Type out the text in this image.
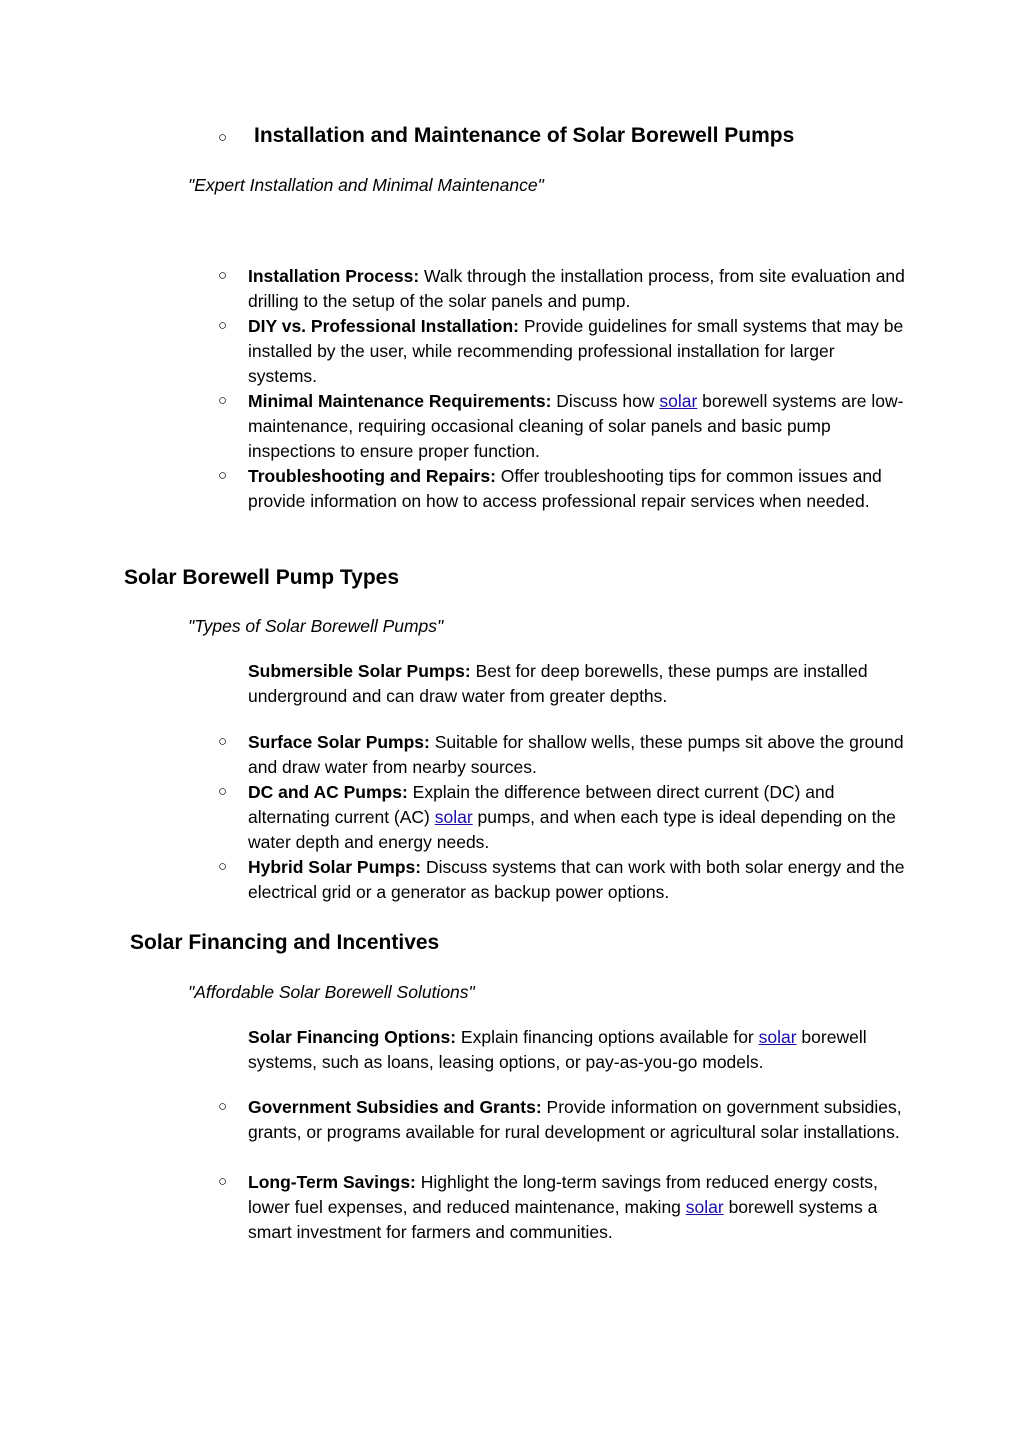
○ Installation and Maintenance of Solar Borewell Pumps
"Expert Installation and Minimal Maintenance"
○ Installation Process: Walk through the installation process, from site evaluation and drilling to the setup of the solar panels and pump.
○ DIY vs. Professional Installation: Provide guidelines for small systems that may be installed by the user, while recommending professional installation for larger systems.
○ Minimal Maintenance Requirements: Discuss how solar borewell systems are low-maintenance, requiring occasional cleaning of solar panels and basic pump inspections to ensure proper function.
○ Troubleshooting and Repairs: Offer troubleshooting tips for common issues and provide information on how to access professional repair services when needed.
Solar Borewell Pump Types
"Types of Solar Borewell Pumps"
Submersible Solar Pumps: Best for deep borewells, these pumps are installed underground and can draw water from greater depths.
○ Surface Solar Pumps: Suitable for shallow wells, these pumps sit above the ground and draw water from nearby sources.
○ DC and AC Pumps: Explain the difference between direct current (DC) and alternating current (AC) solar pumps, and when each type is ideal depending on the water depth and energy needs.
○ Hybrid Solar Pumps: Discuss systems that can work with both solar energy and the electrical grid or a generator as backup power options.
Solar Financing and Incentives
"Affordable Solar Borewell Solutions"
Solar Financing Options: Explain financing options available for solar borewell systems, such as loans, leasing options, or pay-as-you-go models.
○ Government Subsidies and Grants: Provide information on government subsidies, grants, or programs available for rural development or agricultural solar installations.
○ Long-Term Savings: Highlight the long-term savings from reduced energy costs, lower fuel expenses, and reduced maintenance, making solar borewell systems a smart investment for farmers and communities.
